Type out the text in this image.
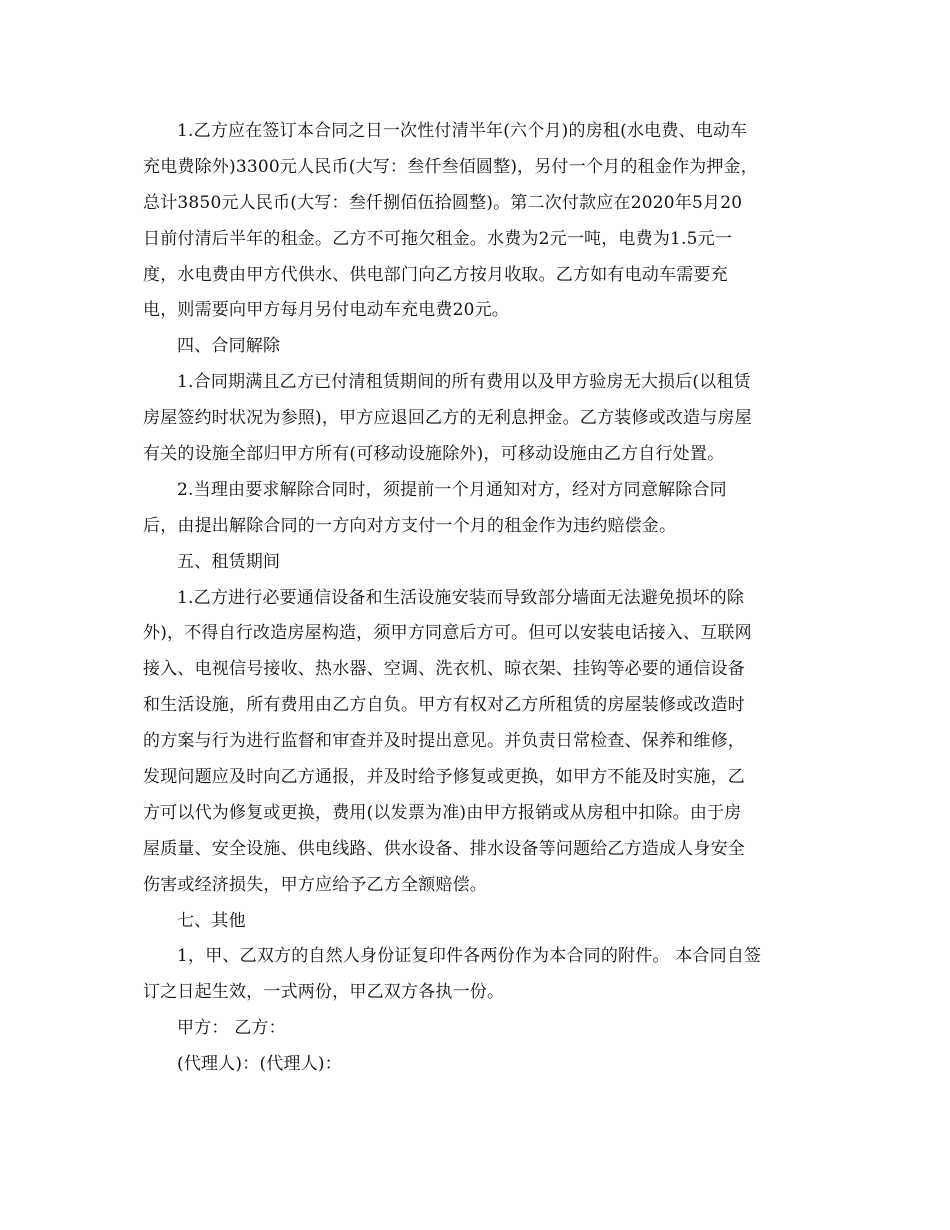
1.乙方应在签订本合同之日一次性付清半年(六个月)的房租(水电费、电动车
充电费除外)3300元人民币(大写：叁仟叁佰圆整)，另付一个月的租金作为押金，
总计3850元人民币(大写：叁仟捌佰伍拾圆整)。第二次付款应在2020年5月20
日前付清后半年的租金。乙方不可拖欠租金。水费为2元一吨，电费为1.5元一
度，水电费由甲方代供水、供电部门向乙方按月收取。乙方如有电动车需要充
电，则需要向甲方每月另付电动车充电费20元。
四、合同解除
1.合同期满且乙方已付清租赁期间的所有费用以及甲方验房无大损后(以租赁
房屋签约时状况为参照)，甲方应退回乙方的无利息押金。乙方装修或改造与房屋
有关的设施全部归甲方所有(可移动设施除外)，可移动设施由乙方自行处置。
2.当理由要求解除合同时，须提前一个月通知对方，经对方同意解除合同
后，由提出解除合同的一方向对方支付一个月的租金作为违约赔偿金。
五、租赁期间
1.乙方进行必要通信设备和生活设施安装而导致部分墙面无法避免损坏的除
外)，不得自行改造房屋构造，须甲方同意后方可。但可以安装电话接入、互联网
接入、电视信号接收、热水器、空调、洗衣机、晾衣架、挂钩等必要的通信设备
和生活设施，所有费用由乙方自负。甲方有权对乙方所租赁的房屋装修或改造时
的方案与行为进行监督和审查并及时提出意见。并负责日常检查、保养和维修，
发现问题应及时向乙方通报，并及时给予修复或更换，如甲方不能及时实施，乙
方可以代为修复或更换，费用(以发票为准)由甲方报销或从房租中扣除。由于房
屋质量、安全设施、供电线路、供水设备、排水设备等问题给乙方造成人身安全
伤害或经济损失，甲方应给予乙方全额赔偿。
七、其他
1，甲、乙双方的自然人身份证复印件各两份作为本合同的附件。 本合同自签
订之日起生效，一式两份，甲乙双方各执一份。
甲方： 乙方：
(代理人)：(代理人)：
